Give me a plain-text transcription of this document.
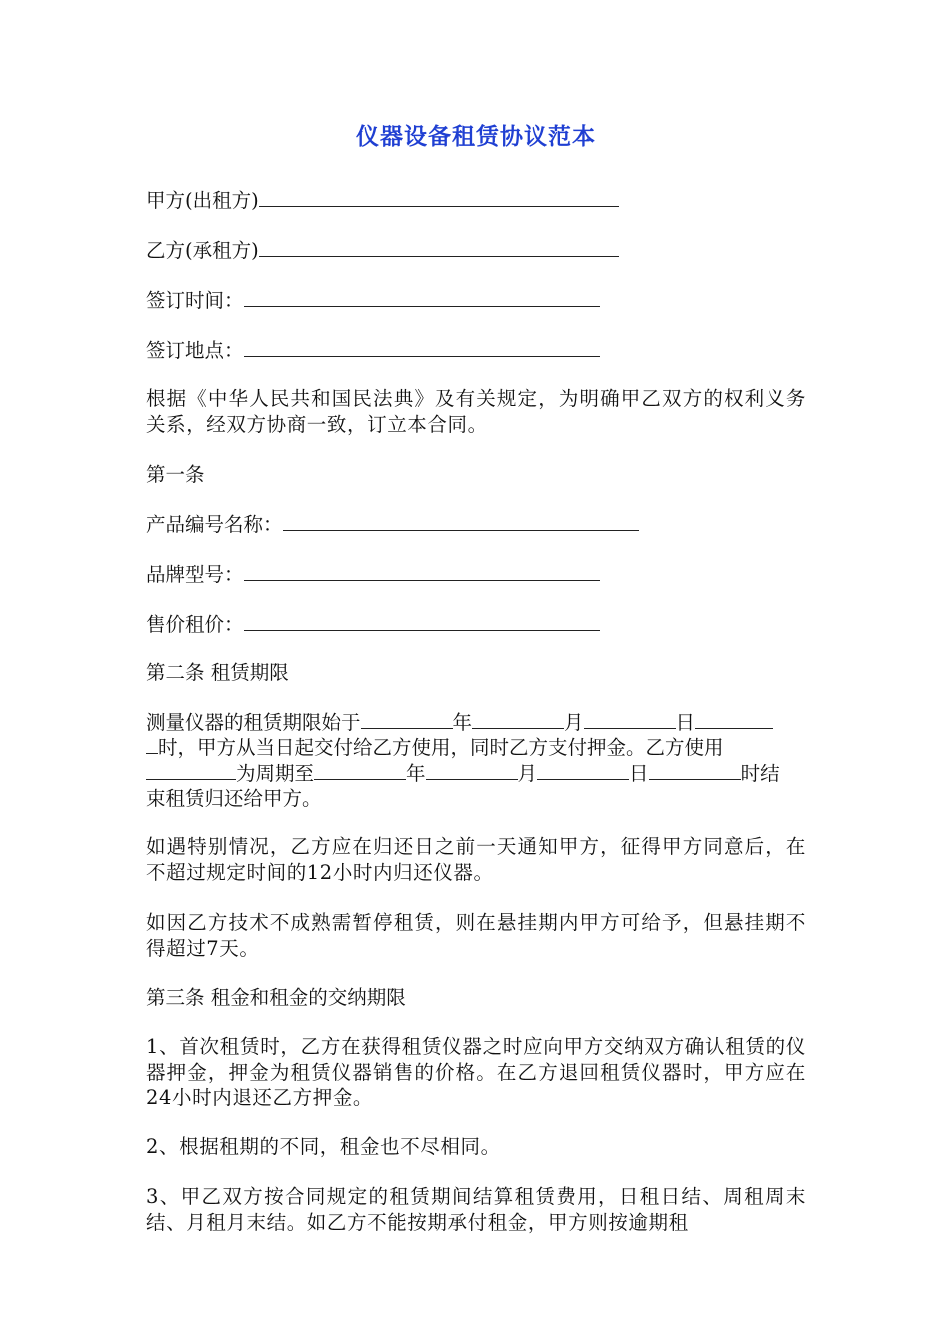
仪器设备租赁协议范本
甲方(出租方)
乙方(承租方)
签订时间：
签订地点：
根据《中华人民共和国民法典》及有关规定，为明确甲乙双方的权利义务关系，经双方协商一致，订立本合同。
第一条
产品编号名称：
品牌型号：
售价租价：
第二条 租赁期限
测量仪器的租赁期限始于	年	月	日
时，甲方从当日起交付给乙方使用，同时乙方支付押金。乙方使用
为周期至	年	月	日	时结
束租赁归还给甲方。
如遇特别情况，乙方应在归还日之前一天通知甲方，征得甲方同意后，在不超过规定时间的12小时内归还仪器。
如因乙方技术不成熟需暂停租赁，则在悬挂期内甲方可给予，但悬挂期不得超过7天。
第三条 租金和租金的交纳期限
1、首次租赁时，乙方在获得租赁仪器之时应向甲方交纳双方确认租赁的仪器押金，押金为租赁仪器销售的价格。在乙方退回租赁仪器时，甲方应在24小时内退还乙方押金。
2、根据租期的不同，租金也不尽相同。
3、甲乙双方按合同规定的租赁期间结算租赁费用，日租日结、周租周末结、月租月末结。如乙方不能按期承付租金，甲方则按逾期租
